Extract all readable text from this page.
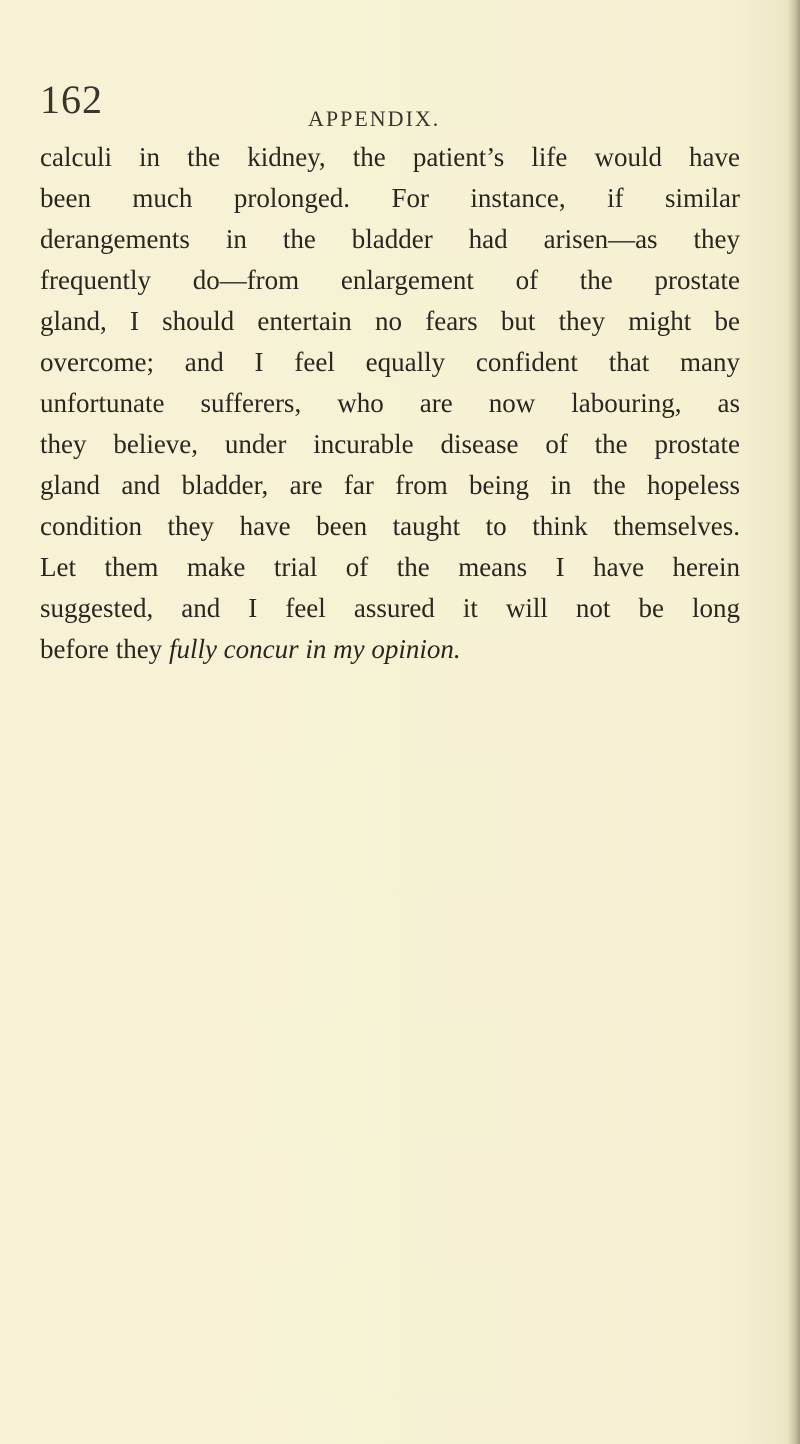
162	APPENDIX.
calculi in the kidney, the patient’s life would have
been much prolonged. For instance, if similar
derangements in the bladder had arisen—as they
frequently do—from enlargement of the prostate
gland, I should entertain no fears but they might be
overcome; and I feel equally confident that many
unfortunate sufferers, who are now labouring, as
they believe, under incurable disease of the prostate
gland and bladder, are far from being in the hopeless
condition they have been taught to think themselves.
Let them make trial of the means I have herein
suggested, and I feel assured it will not be long
before they fully concur in my opinion.
